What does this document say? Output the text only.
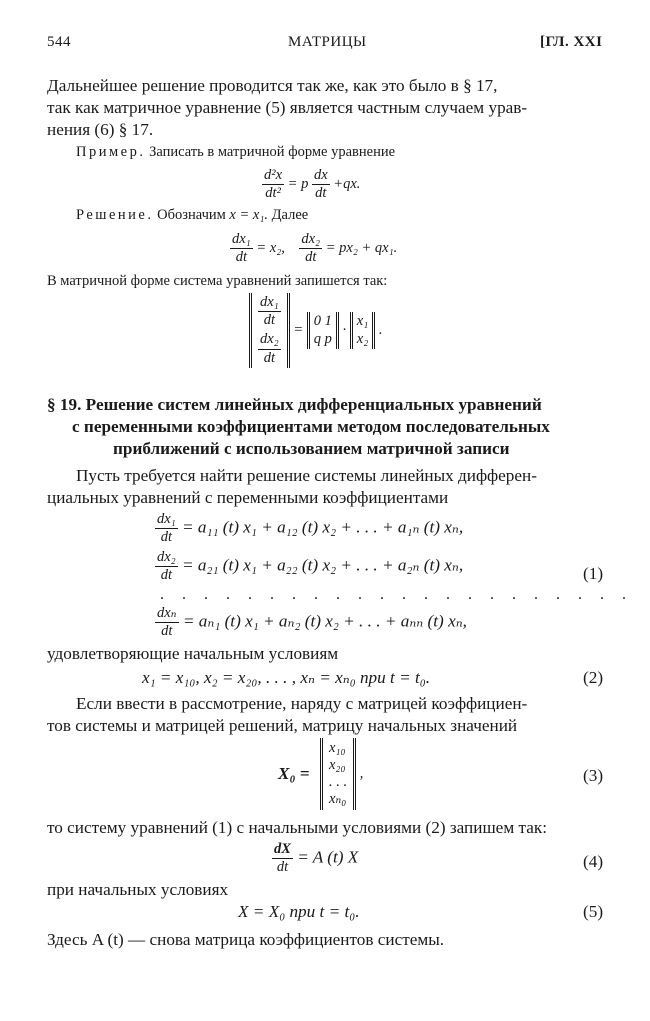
544	МАТРИЦЫ	[ГЛ. XXI
Дальнейшее решение проводится так же, как это было в § 17,
так как матричное уравнение (5) является частным случаем урав-
нения (6) § 17.
Пример. Записать в матричной форме уравнение
$\frac{\text{d²x}}{\text{dt²}} = p \frac{dx}{dt} +qx$.
Решение. Обозначим x = x₁. Далее
$\frac{\text{dx₁}}{dt} = x_2$, $\frac{\text{dx₂}}{dt} = px_2 + qx_1$.
В матричной форме система уравнений запишется так:
dx₁
dt
dx₂
dt
=
0 1
q p
·
x₁
x₂
.
§ 19. Решение систем линейных дифференциальных уравнений
с переменными коэффициентами методом последовательных
приближений с использованием матричной записи
Пусть требуется найти решение системы линейных дифферен-
циальных уравнений с переменными коэффициентами
$\frac{\text{dx₁}}{dt} = a_{11}$ (t) x₁ + a₁₂ (t) x₂ + . . . + a₁ₙ (t) xₙ,
$\frac{\text{dx₂}}{dt} = a_{21}$ (t) x₁ + a₂₂ (t) x₂ + . . . + a₂ₙ (t) xₙ,
. . . . . . . . . . . . . . . . . . . . . .
(1)
$\frac{\text{dxₙ}}{dt} = a_{n1}$ (t) x₁ + aₙ₂ (t) x₂ + . . . + aₙₙ (t) xₙ,
удовлетворяющие начальным условиям
x₁ = x₁₀, x₂ = x₂₀, . . . , xₙ = xₙ₀ при t = t₀.	(2)
Если ввести в рассмотрение, наряду с матрицей коэффициен-
тов системы и матрицей решений, матрицу начальных значений
X₀ =
x₁₀
x₂₀
. . .
xₙ₀
,	(3)
то систему уравнений (1) с начальными условиями (2) запишем так:
$\frac{dX}{dt} = A$ (t) X	(4)
при начальных условиях
X = X₀ при t = t₀.	(5)
Здесь A (t) — снова матрица коэффициентов системы.
